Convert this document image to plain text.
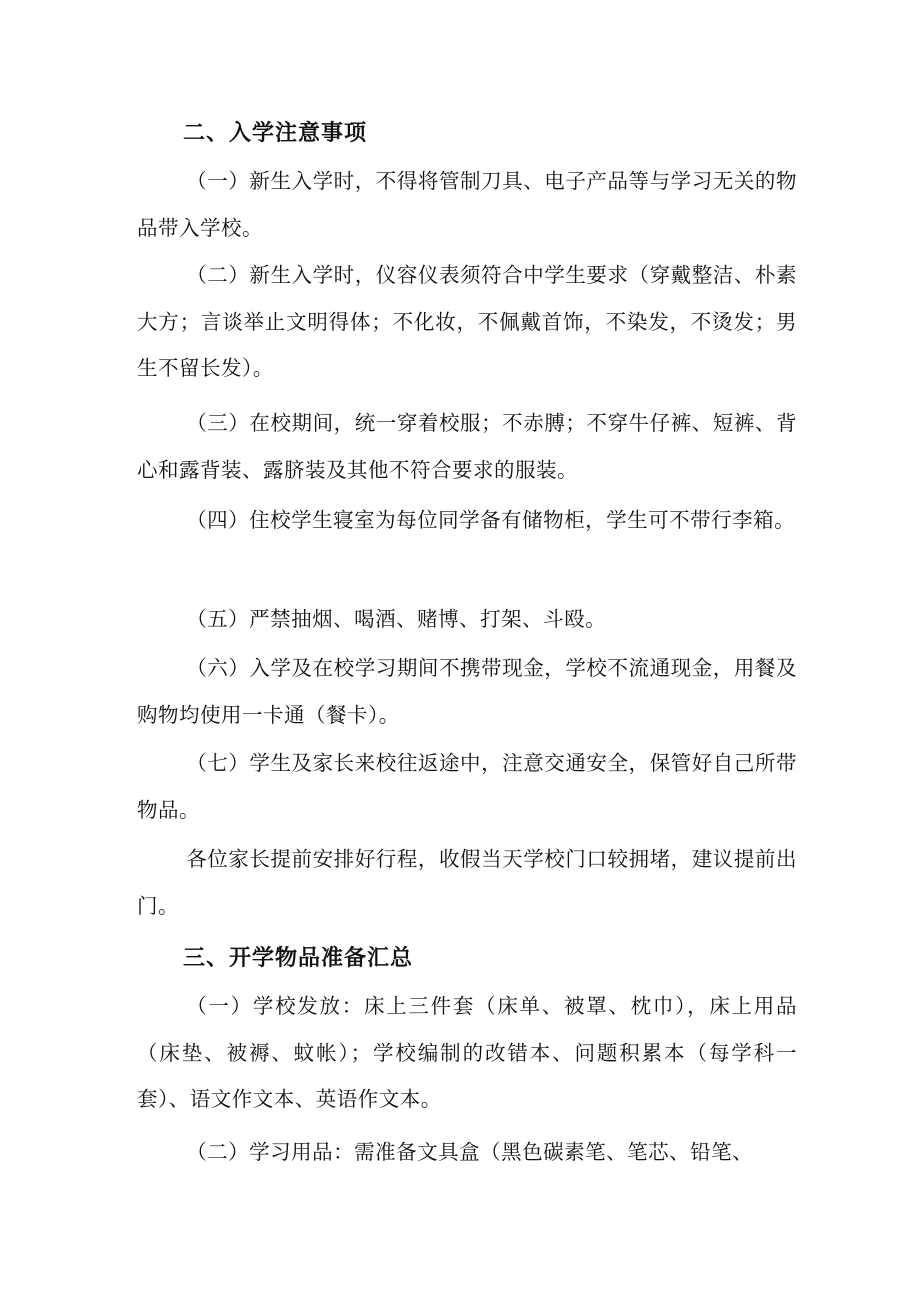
二、入学注意事项

（一）新生入学时，不得将管制刀具、电子产品等与学习无关的物品带入学校。

（二）新生入学时，仪容仪表须符合中学生要求（穿戴整洁、朴素大方；言谈举止文明得体；不化妆，不佩戴首饰，不染发，不烫发；男生不留长发）。

（三）在校期间，统一穿着校服；不赤膊；不穿牛仔裤、短裤、背心和露背装、露脐装及其他不符合要求的服装。

（四）住校学生寝室为每位同学备有储物柜，学生可不带行李箱。

（五）严禁抽烟、喝酒、赌博、打架、斗殴。

（六）入学及在校学习期间不携带现金，学校不流通现金，用餐及购物均使用一卡通（餐卡）。

（七）学生及家长来校往返途中，注意交通安全，保管好自己所带物品。

各位家长提前安排好行程，收假当天学校门口较拥堵，建议提前出门。

三、开学物品准备汇总

（一）学校发放：床上三件套（床单、被罩、枕巾），床上用品（床垫、被褥、蚊帐）；学校编制的改错本、问题积累本（每学科一套）、语文作文本、英语作文本。

（二）学习用品：需准备文具盒（黑色碳素笔、笔芯、铅笔、
